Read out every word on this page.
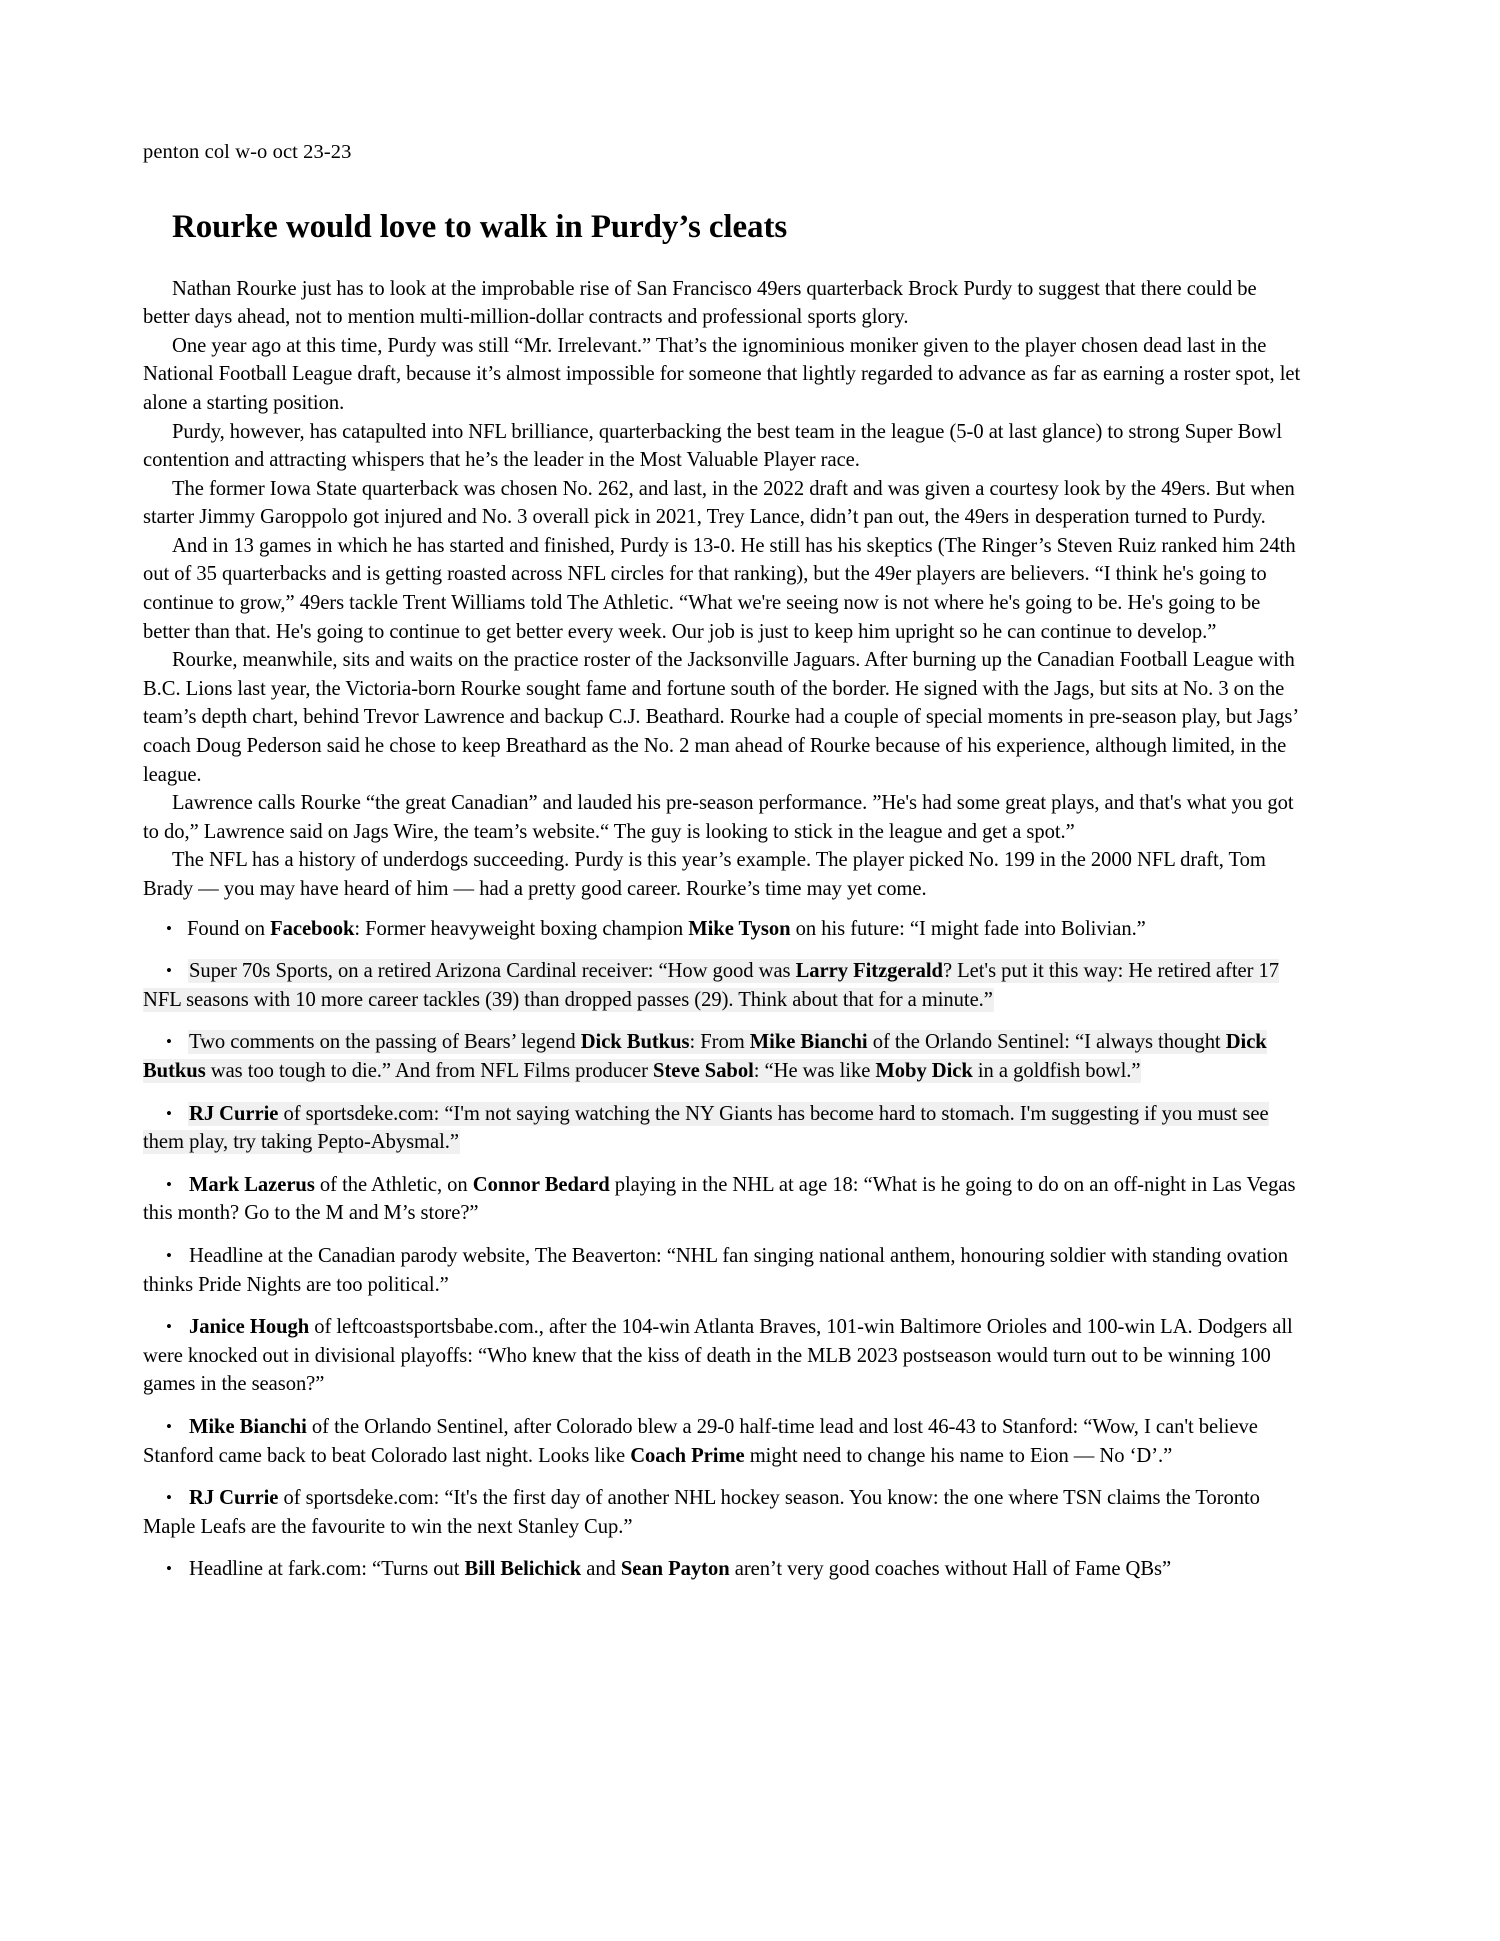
penton col w-o oct 23-23
Rourke would love to walk in Purdy’s cleats

Nathan Rourke just has to look at the improbable rise of San Francisco 49ers quarterback Brock Purdy to suggest that there could be better days ahead, not to mention multi-million-dollar contracts and professional sports glory.

One year ago at this time, Purdy was still “Mr. Irrelevant.” That’s the ignominious moniker given to the player chosen dead last in the National Football League draft, because it’s almost impossible for someone that lightly regarded to advance as far as earning a roster spot, let alone a starting position.

Purdy, however, has catapulted into NFL brilliance, quarterbacking the best team in the league (5-0 at last glance) to strong Super Bowl contention and attracting whispers that he’s the leader in the Most Valuable Player race.

The former Iowa State quarterback was chosen No. 262, and last, in the 2022 draft and was given a courtesy look by the 49ers. But when starter Jimmy Garoppolo got injured and No. 3 overall pick in 2021, Trey Lance, didn’t pan out, the 49ers in desperation turned to Purdy.

And in 13 games in which he has started and finished, Purdy is 13-0. He still has his skeptics (The Ringer’s Steven Ruiz ranked him 24th out of 35 quarterbacks and is getting roasted across NFL circles for that ranking), but the 49er players are believers. “I think he's going to continue to grow,” 49ers tackle Trent Williams told The Athletic. “What we're seeing now is not where he's going to be. He's going to be better than that. He's going to continue to get better every week. Our job is just to keep him upright so he can continue to develop.”

Rourke, meanwhile, sits and waits on the practice roster of the Jacksonville Jaguars. After burning up the Canadian Football League with B.C. Lions last year, the Victoria-born Rourke sought fame and fortune south of the border. He signed with the Jags, but sits at No. 3 on the team’s depth chart, behind Trevor Lawrence and backup C.J. Beathard. Rourke had a couple of special moments in pre-season play, but Jags’ coach Doug Pederson said he chose to keep Breathard as the No. 2 man ahead of Rourke because of his experience, although limited, in the league.

Lawrence calls Rourke “the great Canadian” and lauded his pre-season performance. ”He's had some great plays, and that's what you got to do,” Lawrence said on Jags Wire, the team’s website.“ The guy is looking to stick in the league and get a spot.”

The NFL has a history of underdogs succeeding. Purdy is this year’s example. The player picked No. 199 in the 2000 NFL draft, Tom Brady — you may have heard of him — had a pretty good career. Rourke’s time may yet come.

• Found on Facebook: Former heavyweight boxing champion Mike Tyson on his future: “I might fade into Bolivian.”

• Super 70s Sports, on a retired Arizona Cardinal receiver: “How good was Larry Fitzgerald? Let's put it this way: He retired after 17 NFL seasons with 10 more career tackles (39) than dropped passes (29). Think about that for a minute.”

• Two comments on the passing of Bears’ legend Dick Butkus: From Mike Bianchi of the Orlando Sentinel: “I always thought Dick Butkus was too tough to die.” And from NFL Films producer Steve Sabol: “He was like Moby Dick in a goldfish bowl.”

• RJ Currie of sportsdeke.com: “I'm not saying watching the NY Giants has become hard to stomach. I'm suggesting if you must see them play, try taking Pepto-Abysmal.”

• Mark Lazerus of the Athletic, on Connor Bedard playing in the NHL at age 18: “What is he going to do on an off-night in Las Vegas this month? Go to the M and M’s store?”

• Headline at the Canadian parody website, The Beaverton: “NHL fan singing national anthem, honouring soldier with standing ovation thinks Pride Nights are too political.”

• Janice Hough of leftcoastsportsbabe.com., after the 104-win Atlanta Braves, 101-win Baltimore Orioles and 100-win LA. Dodgers all were knocked out in divisional playoffs: “Who knew that the kiss of death in the MLB 2023 postseason would turn out to be winning 100 games in the season?”

• Mike Bianchi of the Orlando Sentinel, after Colorado blew a 29-0 half-time lead and lost 46-43 to Stanford: “Wow, I can't believe Stanford came back to beat Colorado last night. Looks like Coach Prime might need to change his name to Eion — No ‘D’.”

• RJ Currie of sportsdeke.com: “It's the first day of another NHL hockey season. You know: the one where TSN claims the Toronto Maple Leafs are the favourite to win the next Stanley Cup.”

• Headline at fark.com: “Turns out Bill Belichick and Sean Payton aren’t very good coaches without Hall of Fame QBs”
